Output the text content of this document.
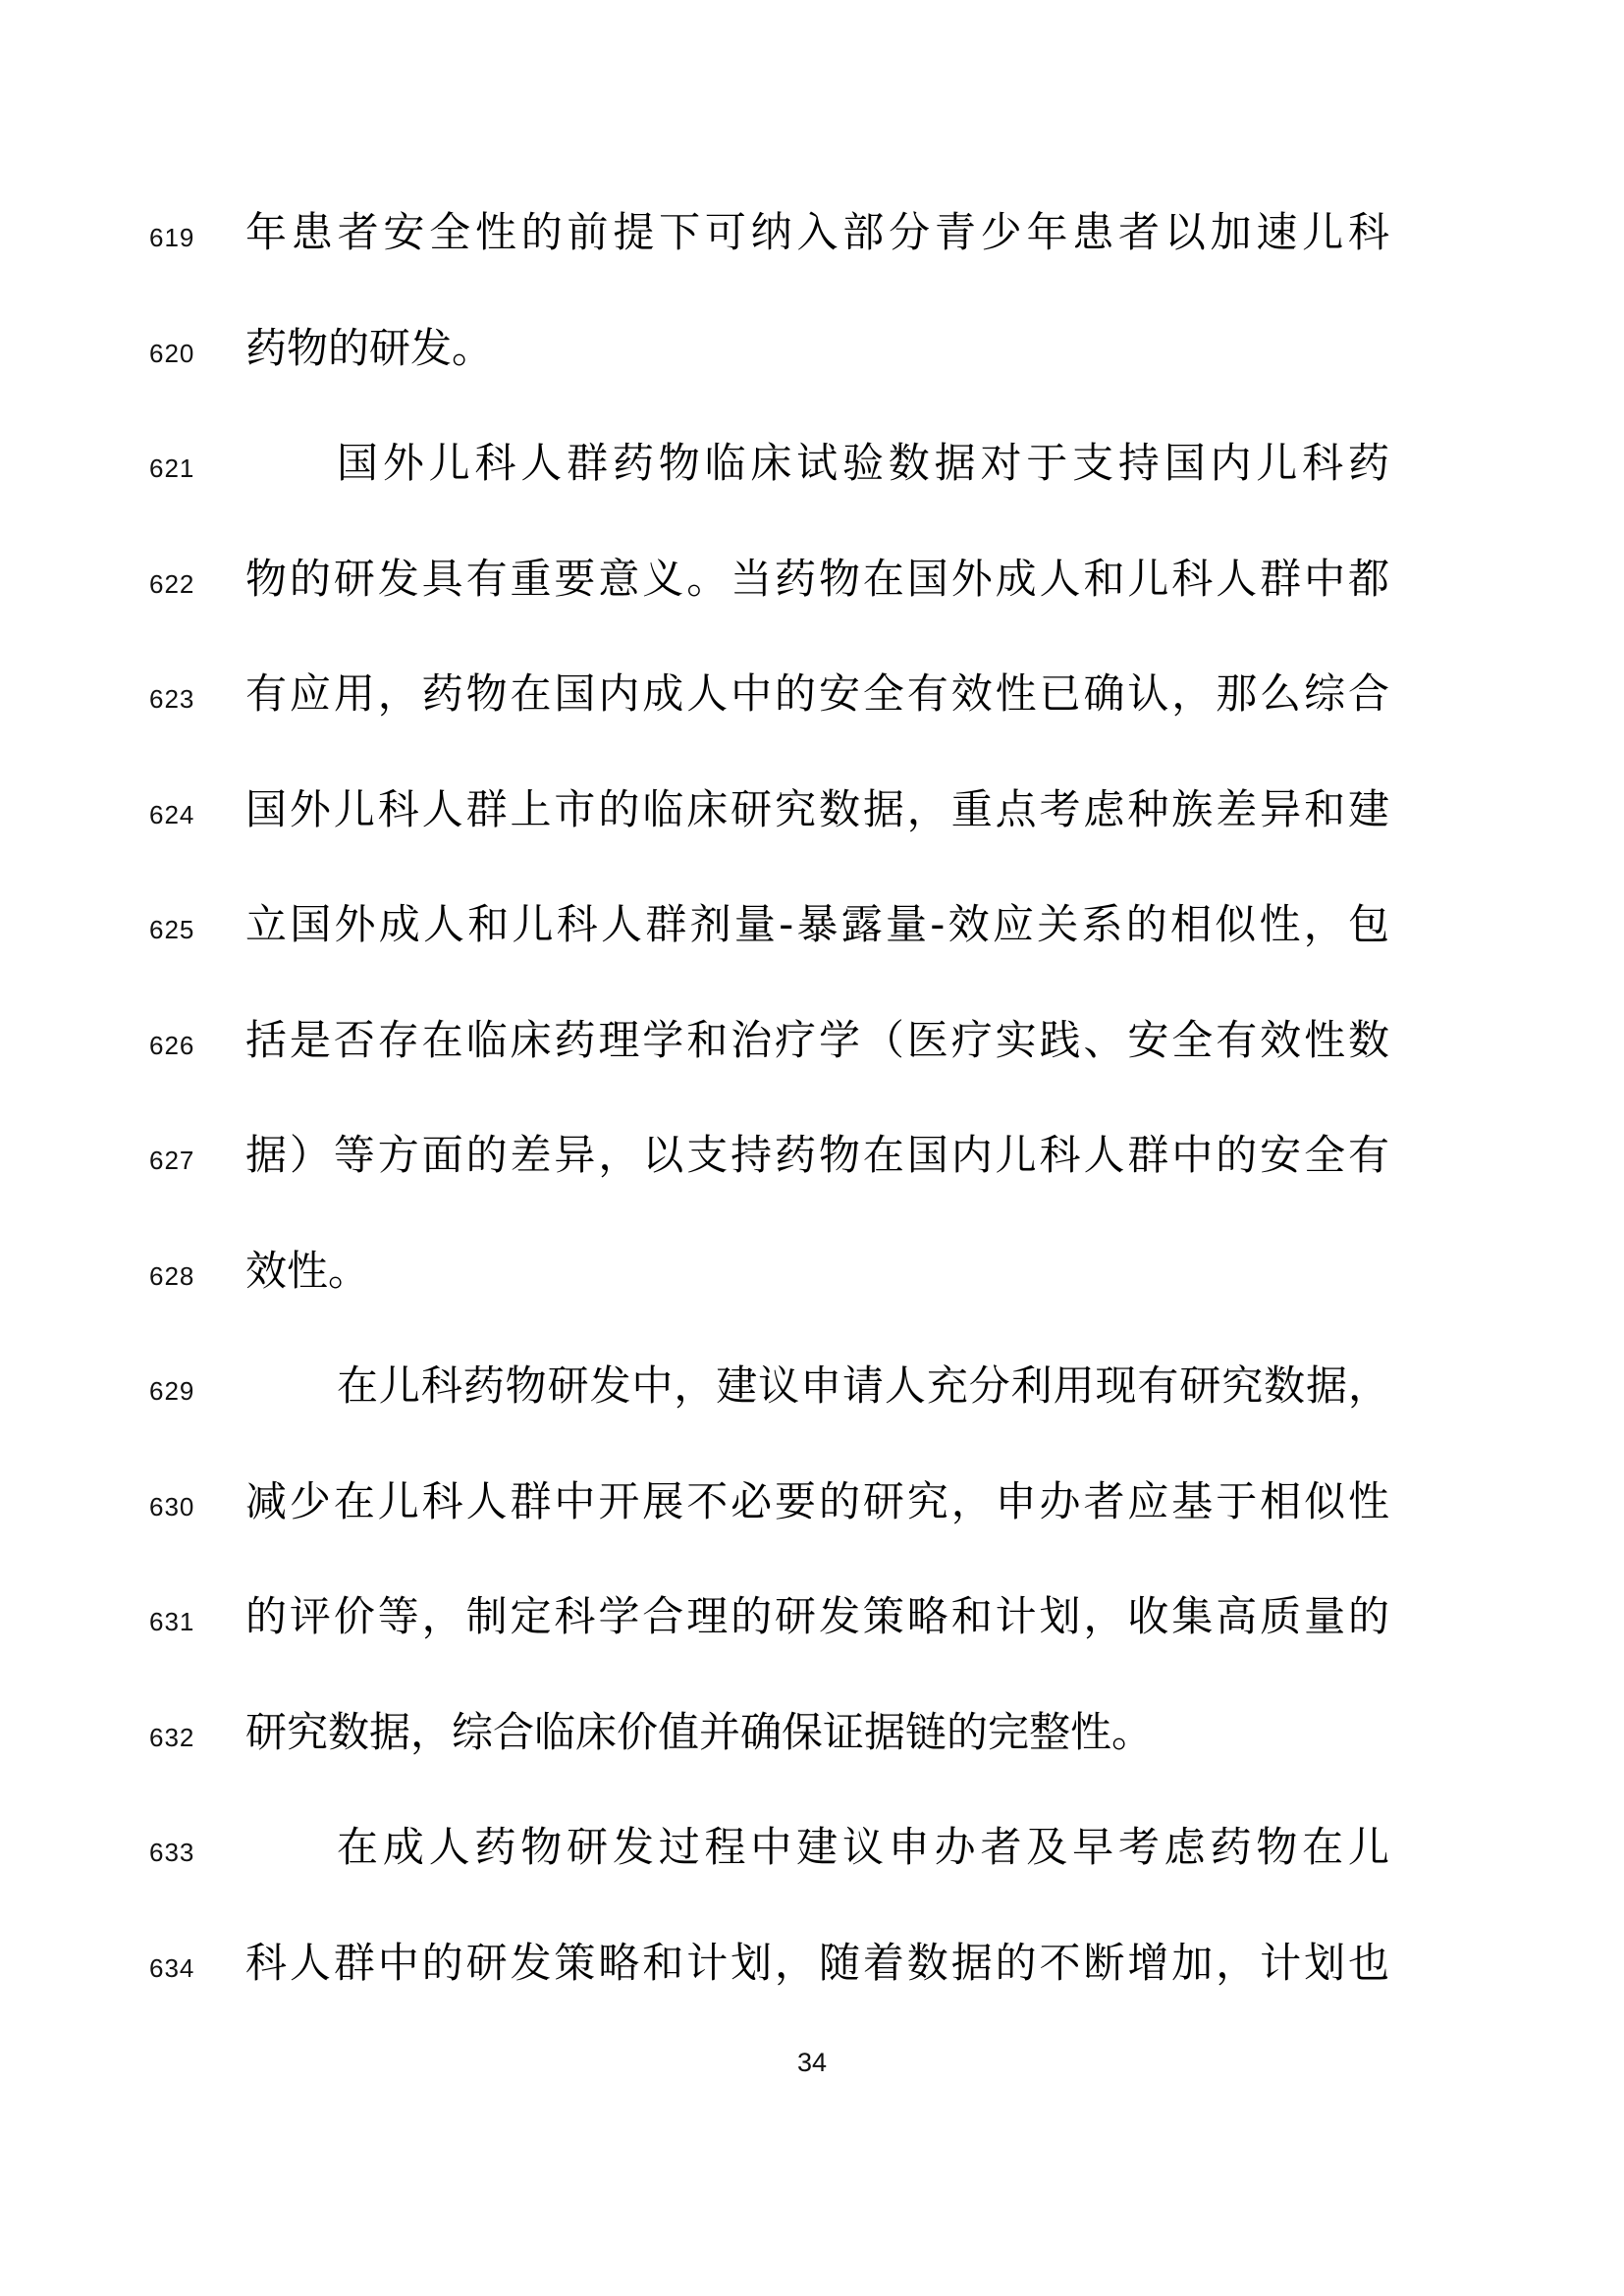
619	年患者安全性的前提下可纳入部分青少年患者以加速儿科
620	药物的研发。
621	国外儿科人群药物临床试验数据对于支持国内儿科药
622	物的研发具有重要意义。当药物在国外成人和儿科人群中都
623	有应用，药物在国内成人中的安全有效性已确认，那么综合
624	国外儿科人群上市的临床研究数据，重点考虑种族差异和建
625	立国外成人和儿科人群剂量-暴露量-效应关系的相似性，包
626	括是否存在临床药理学和治疗学（医疗实践、安全有效性数
627	据）等方面的差异，以支持药物在国内儿科人群中的安全有
628	效性。
629	在儿科药物研发中，建议申请人充分利用现有研究数据，
630	减少在儿科人群中开展不必要的研究，申办者应基于相似性
631	的评价等，制定科学合理的研发策略和计划，收集高质量的
632	研究数据，综合临床价值并确保证据链的完整性。
633	在成人药物研发过程中建议申办者及早考虑药物在儿
634	科人群中的研发策略和计划，随着数据的不断增加，计划也
34
